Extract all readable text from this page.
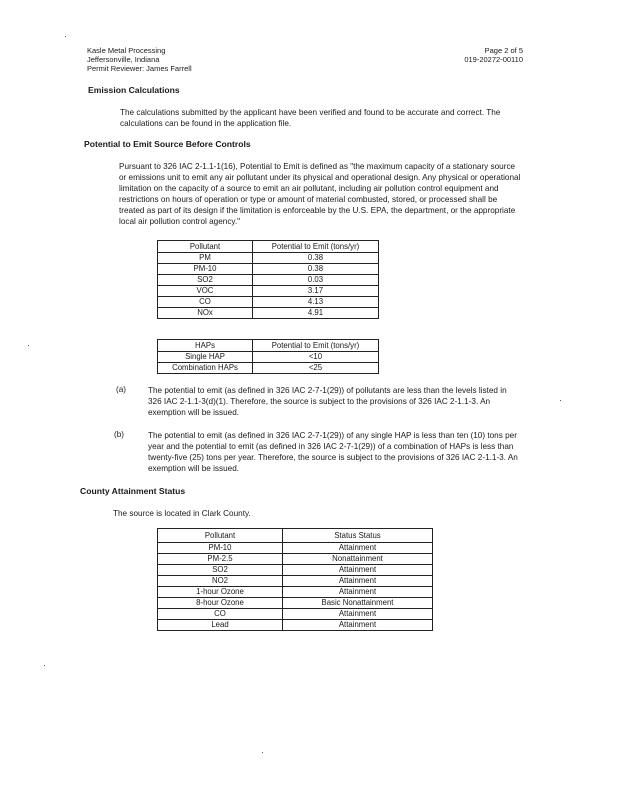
Kasle Metal Processing
Jeffersonville, Indiana
Permit Reviewer: James Farrell
Page 2 of 5
019-20272-00110
Emission Calculations
The calculations submitted by the applicant have been verified and found to be accurate and correct. The calculations can be found in the application file.
Potential to Emit Source Before Controls
Pursuant to 326 IAC 2-1.1-1(16), Potential to Emit is defined as "the maximum capacity of a stationary source or emissions unit to emit any air pollutant under its physical and operational design. Any physical or operational limitation on the capacity of a source to emit an air pollutant, including air pollution control equipment and restrictions on hours of operation or type or amount of material combusted, stored, or processed shall be treated as part of its design if the limitation is enforceable by the U.S. EPA, the department, or the appropriate local air pollution control agency."
Pollutant	Potential to Emit (tons/yr)
PM	0.38
PM-10	0.38
SO2	0.03
VOC	3.17
CO	4.13
NOx	4.91
HAPs	Potential to Emit (tons/yr)
Single HAP	<10
Combination HAPs	<25
(a)	The potential to emit (as defined in 326 IAC 2-7-1(29)) of pollutants are less than the levels listed in 326 IAC 2-1.1-3(d)(1). Therefore, the source is subject to the provisions of 326 IAC 2-1.1-3. An exemption will be issued.
(b)	The potential to emit (as defined in 326 IAC 2-7-1(29)) of any single HAP is less than ten (10) tons per year and the potential to emit (as defined in 326 IAC 2-7-1(29)) of a combination of HAPs is less than twenty-five (25) tons per year. Therefore, the source is subject to the provisions of 326 IAC 2-1.1-3. An exemption will be issued.
County Attainment Status
The source is located in Clark County.
Pollutant	Status Status
PM-10	Attainment
PM-2.5	Nonattainment
SO2	Attainment
NO2	Attainment
1-hour Ozone	Attainment
8-hour Ozone	Basic Nonattainment
CO	Attainment
Lead	Attainment
